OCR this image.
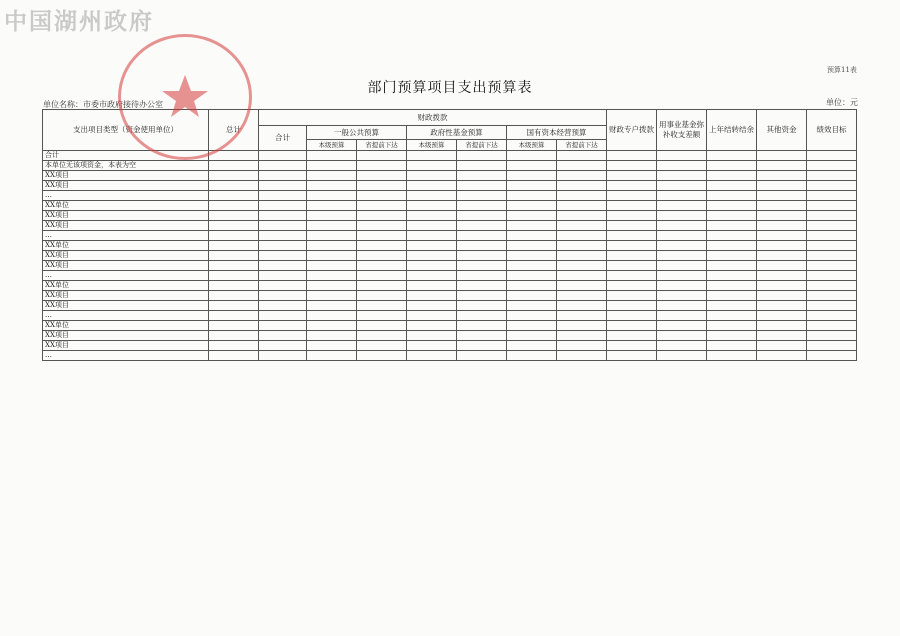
中国湖州政府
预算11表
部门预算项目支出预算表
单位名称：市委市政府接待办公室	单位：元
支出项目类型（资金使用单位）	总计	财政拨款							财政专户拨款	用事业基金弥补收支差额	上年结转结余	其他资金	绩效目标
		合计	一般公共预算		政府性基金预算		国有资本经营预算						
			本级预算	省提前下达	本级预算	省提前下达	本级预算	省提前下达					
合计													
本单位无该项资金，本表为空													
XX项目													
XX项目													
…													
XX单位													
XX项目													
XX项目													
…													
XX单位													
XX项目													
XX项目													
…													
XX单位													
XX项目													
XX项目													
…													
XX单位													
XX项目													
XX项目													
…													
